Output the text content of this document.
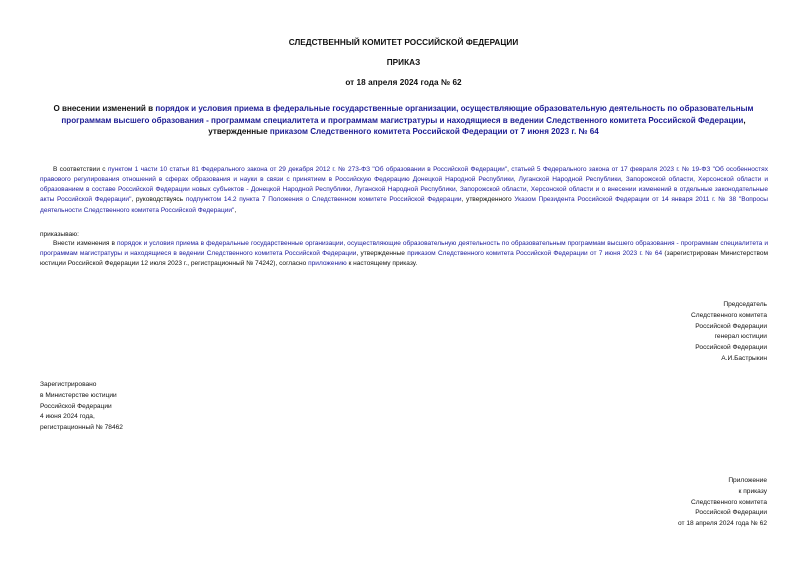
СЛЕДСТВЕННЫЙ КОМИТЕТ РОССИЙСКОЙ ФЕДЕРАЦИИ
ПРИКАЗ
от 18 апреля 2024 года № 62
О внесении изменений в порядок и условия приема в федеральные государственные организации, осуществляющие образовательную деятельность по образовательным программам высшего образования - программам специалитета и программам магистратуры и находящиеся в ведении Следственного комитета Российской Федерации, утвержденные приказом Следственного комитета Российской Федерации от 7 июня 2023 г. № 64
В соответствии с пунктом 1 части 10 статьи 81 Федерального закона от 29 декабря 2012 г. № 273-ФЗ "Об образовании в Российской Федерации", статьей 5 Федерального закона от 17 февраля 2023 г. № 19-ФЗ "Об особенностях правового регулирования отношений в сферах образования и науки в связи с принятием в Российскую Федерацию Донецкой Народной Республики, Луганской Народной Республики, Запорожской области, Херсонской области и образованием в составе Российской Федерации новых субъектов - Донецкой Народной Республики, Луганской Народной Республики, Запорожской области, Херсонской области и о внесении изменений в отдельные законодательные акты Российской Федерации", руководствуясь подпунктом 14.2 пункта 7 Положения о Следственном комитете Российской Федерации, утвержденного Указом Президента Российской Федерации от 14 января 2011 г. № 38 "Вопросы деятельности Следственного комитета Российской Федерации",
приказываю:
Внести изменения в порядок и условия приема в федеральные государственные организации, осуществляющие образовательную деятельность по образовательным программам высшего образования - программам специалитета и программам магистратуры и находящиеся в ведении Следственного комитета Российской Федерации, утвержденные приказом Следственного комитета Российской Федерации от 7 июня 2023 г. № 64 (зарегистрирован Министерством юстиции Российской Федерации 12 июля 2023 г., регистрационный № 74242), согласно приложению к настоящему приказу.
Председатель
Следственного комитета
Российской Федерации
генерал юстиции
Российской Федерации
А.И.Бастрыкин
Зарегистрировано
в Министерстве юстиции
Российской Федерации
4 июня 2024 года,
регистрационный № 78462
Приложение
к приказу
Следственного комитета
Российской Федерации
от 18 апреля 2024 года № 62
